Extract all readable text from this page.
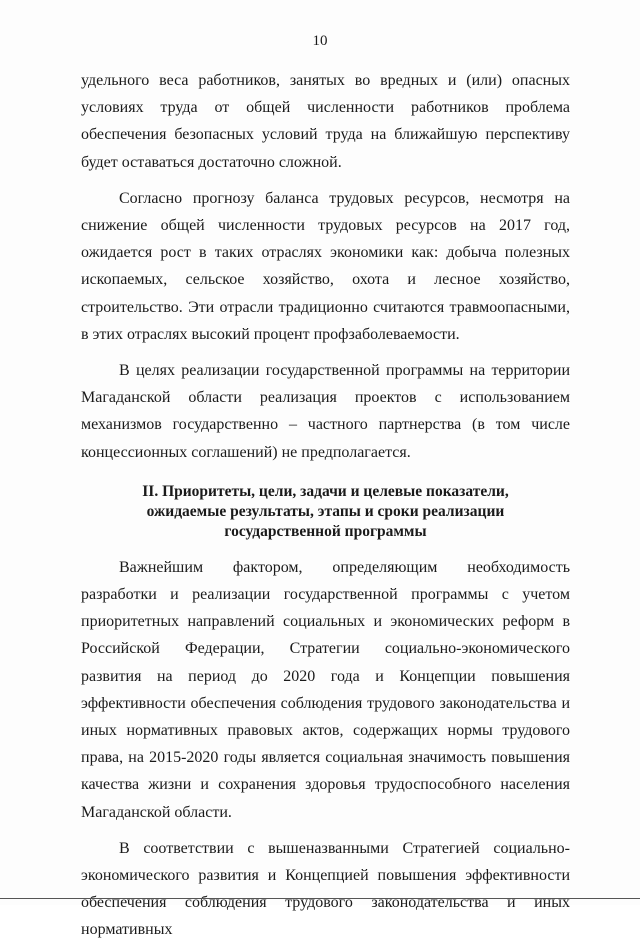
10

удельного веса работников, занятых во вредных и (или) опасных условиях труда от общей численности работников проблема обеспечения безопасных условий труда на ближайшую перспективу будет оставаться достаточно сложной.

Согласно прогнозу баланса трудовых ресурсов, несмотря на снижение общей численности трудовых ресурсов на 2017 год, ожидается рост в таких отраслях экономики как: добыча полезных ископаемых, сельское хозяйство, охота и лесное хозяйство, строительство. Эти отрасли традиционно считаются травмоопасными, в этих отраслях высокий процент профзаболеваемости.

В целях реализации государственной программы на территории Магаданской области реализация проектов с использованием механизмов государственно – частного партнерства (в том числе концессионных соглашений) не предполагается.

II. Приоритеты, цели, задачи и целевые показатели,
ожидаемые результаты, этапы и сроки реализации
государственной программы

Важнейшим фактором, определяющим необходимость разработки и реализации государственной программы с учетом приоритетных направлений социальных и экономических реформ в Российской Федерации, Стратегии социально-экономического развития на период до 2020 года и Концепции повышения эффективности обеспечения соблюдения трудового законодательства и иных нормативных правовых актов, содержащих нормы трудового права, на 2015-2020 годы является социальная значимость повышения качества жизни и сохранения здоровья трудоспособного населения Магаданской области.

В соответствии с вышеназванными Стратегией социально-экономического развития и Концепцией повышения эффективности обеспечения соблюдения трудового законодательства и иных нормативных
